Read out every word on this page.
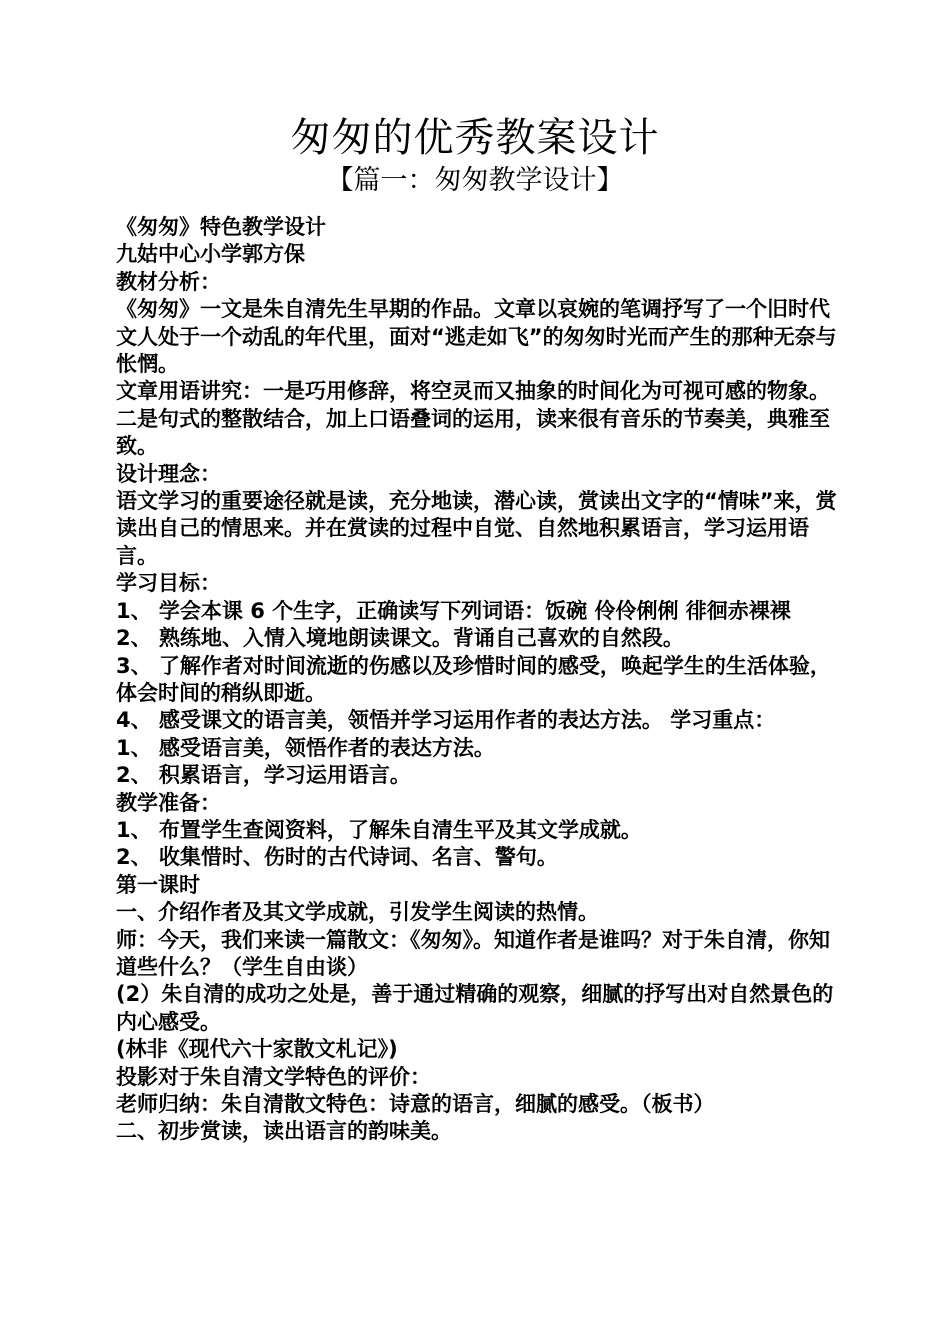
匆匆的优秀教案设计
【篇一：匆匆教学设计】

《匆匆》特色教学设计

九姑中心小学郭方保

教材分析：

《匆匆》一文是朱自清先生早期的作品。文章以哀婉的笔调抒写了一个旧时代文人处于一个动乱的年代里，面对“逃走如飞”的匆匆时光而产生的那种无奈与怅惘。

文章用语讲究：一是巧用修辞，将空灵而又抽象的时间化为可视可感的物象。二是句式的整散结合，加上口语叠词的运用，读来很有音乐的节奏美，典雅至致。

设计理念：

语文学习的重要途径就是读，充分地读，潜心读，赏读出文字的“情味”来，赏读出自己的情思来。并在赏读的过程中自觉、自然地积累语言，学习运用语言。

学习目标：

1、 学会本课 6 个生字，正确读写下列词语：饭碗 伶伶俐俐 徘徊赤裸裸

2、 熟练地、入情入境地朗读课文。背诵自己喜欢的自然段。

3、 了解作者对时间流逝的伤感以及珍惜时间的感受，唤起学生的生活体验，体会时间的稍纵即逝。

4、 感受课文的语言美，领悟并学习运用作者的表达方法。 学习重点：

1、 感受语言美，领悟作者的表达方法。

2、 积累语言，学习运用语言。

教学准备：

1、 布置学生查阅资料，了解朱自清生平及其文学成就。

2、 收集惜时、伤时的古代诗词、名言、警句。

第一课时

一、介绍作者及其文学成就，引发学生阅读的热情。

师：今天，我们来读一篇散文：《匆匆》。知道作者是谁吗？对于朱自清，你知道些什么？（学生自由谈）

(2）朱自清的成功之处是，善于通过精确的观察，细腻的抒写出对自然景色的内心感受。

(林非《现代六十家散文札记》)

投影对于朱自清文学特色的评价：

老师归纳：朱自清散文特色：诗意的语言，细腻的感受。（板书）

二、初步赏读，读出语言的韵味美。
